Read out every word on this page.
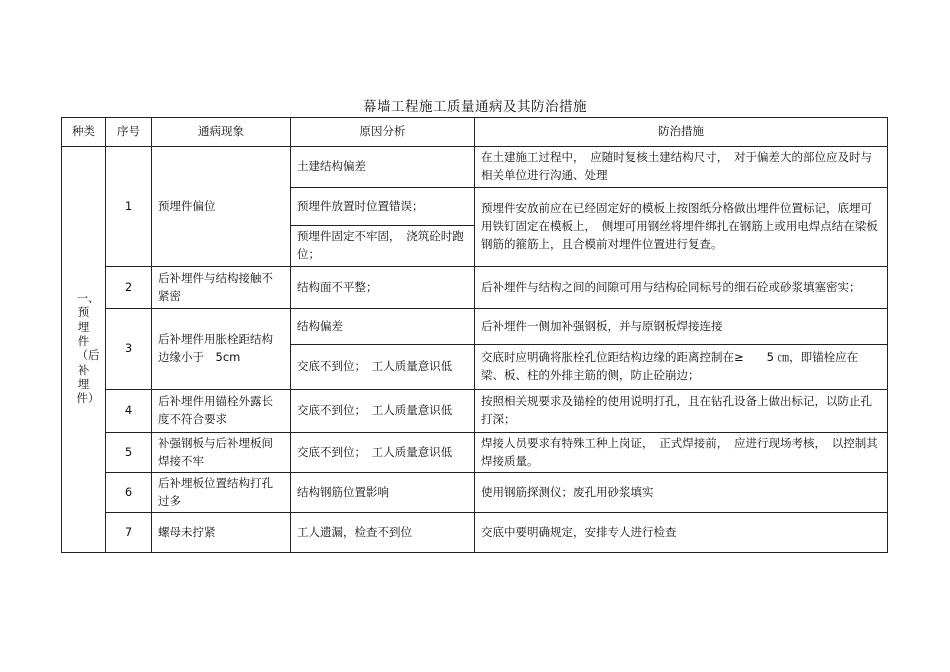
幕墙工程施工质量通病及其防治措施
种类	序号	通病现象	原因分析	防治措施
一、预埋件（后补埋件）	1	预埋件偏位	土建结构偏差	在土建施工过程中，　应随时复核土建结构尺寸，　对于偏差大的部位应及时与相关单位进行沟通、处理
			预埋件放置时位置错误；	预埋件安放前应在已经固定好的模板上按图纸分格做出埋件位置标记，底埋可用铁钉固定在模板上，　侧埋可用钢丝将埋件绑扎在钢筋上或用电焊点结在梁板钢筋的箍筋上，且合模前对埋件位置进行复查。
			预埋件固定不牢固，　浇筑砼时跑位；	
	2	后补埋件与结构接触不紧密	结构面不平整；	后补埋件与结构之间的间隙可用与结构砼同标号的细石砼或砂浆填塞密实；
	3	后补埋件用胀栓距结构边缘小于　5cm	结构偏差	后补埋件一侧加补强钢板，并与原钢板焊接连接
			交底不到位；　工人质量意识低	交底时应明确将胀栓孔位距结构边缘的距离控制在≥　　5 ㎝，即锚栓应在梁、板、柱的外排主筋的侧，防止砼崩边；
	4	后补埋件用锚栓外露长度不符合要求	交底不到位；　工人质量意识低	按照相关规要求及锚栓的使用说明打孔，且在钻孔设备上做出标记，以防止孔打深；
	5	补强钢板与后补埋板间焊接不牢	交底不到位；　工人质量意识低	焊接人员要求有特殊工种上岗证，　正式焊接前，　应进行现场考核，　以控制其焊接质量。
	6	后补埋板位置结构打孔过多	结构钢筋位置影响	使用钢筋探测仪；废孔用砂浆填实
	7	螺母未拧紧	工人遗漏，检查不到位	交底中要明确规定，安排专人进行检查
